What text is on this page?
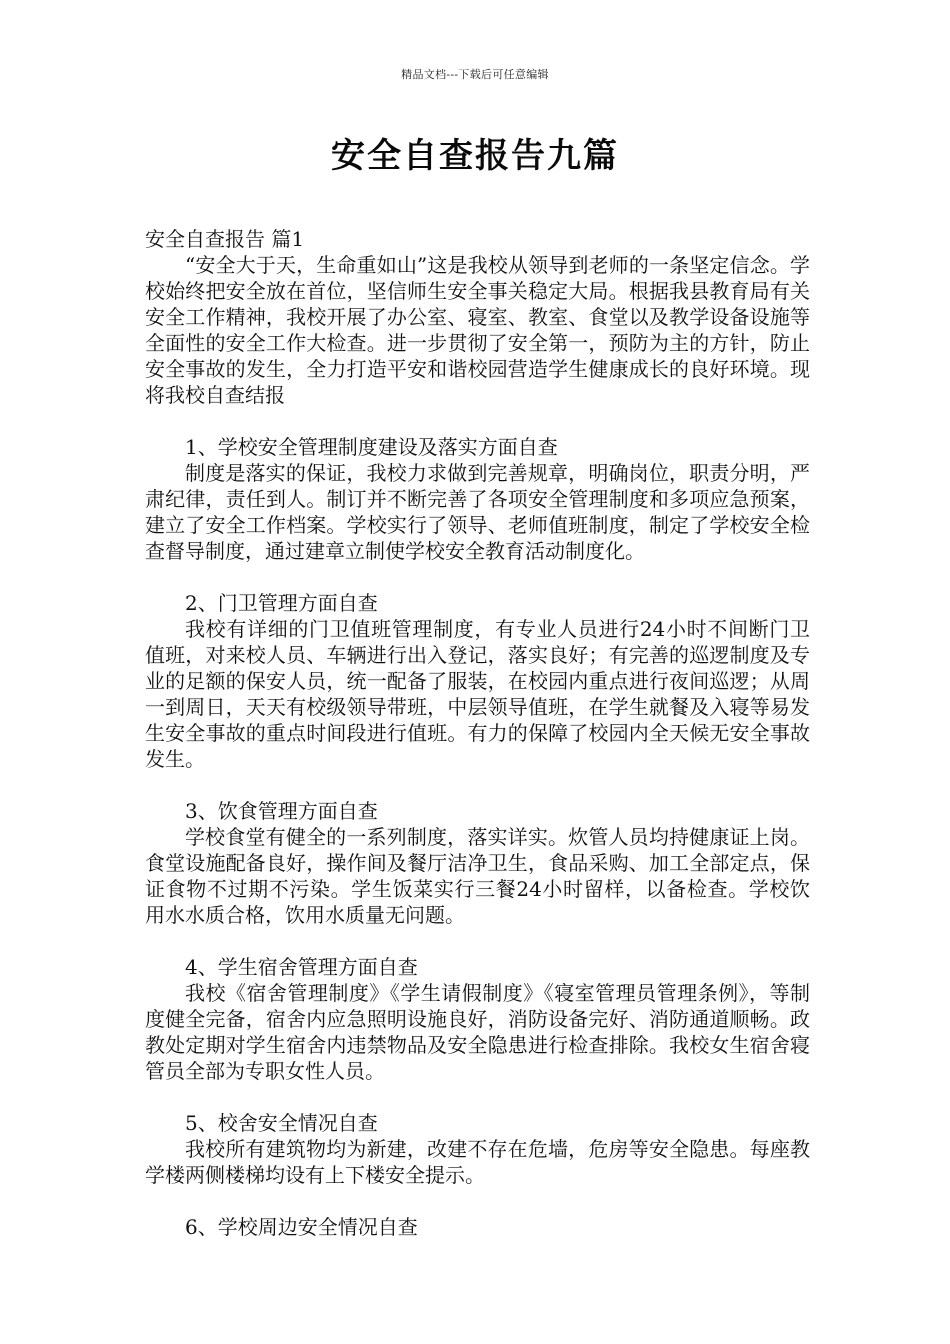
精品文档---下载后可任意编辑
安全自查报告九篇

安全自查报告 篇1

“安全大于天，生命重如山”这是我校从领导到老师的一条坚定信念。学校始终把安全放在首位，坚信师生安全事关稳定大局。根据我县教育局有关安全工作精神，我校开展了办公室、寝室、教室、食堂以及教学设备设施等全面性的安全工作大检查。进一步贯彻了安全第一，预防为主的方针，防止安全事故的发生，全力打造平安和谐校园营造学生健康成长的良好环境。现将我校自查结报

1、学校安全管理制度建设及落实方面自查

制度是落实的保证，我校力求做到完善规章，明确岗位，职责分明，严肃纪律，责任到人。制订并不断完善了各项安全管理制度和多项应急预案，建立了安全工作档案。学校实行了领导、老师值班制度，制定了学校安全检查督导制度，通过建章立制使学校安全教育活动制度化。

2、门卫管理方面自查

我校有详细的门卫值班管理制度，有专业人员进行24小时不间断门卫值班，对来校人员、车辆进行出入登记，落实良好；有完善的巡逻制度及专业的足额的保安人员，统一配备了服装，在校园内重点进行夜间巡逻；从周一到周日，天天有校级领导带班，中层领导值班，在学生就餐及入寝等易发生安全事故的重点时间段进行值班。有力的保障了校园内全天候无安全事故发生。

3、饮食管理方面自查

学校食堂有健全的一系列制度，落实详实。炊管人员均持健康证上岗。食堂设施配备良好，操作间及餐厅洁净卫生，食品采购、加工全部定点，保证食物不过期不污染。学生饭菜实行三餐24小时留样，以备检查。学校饮用水水质合格，饮用水质量无问题。

4、学生宿舍管理方面自查

我校《宿舍管理制度》《学生请假制度》《寝室管理员管理条例》，等制度健全完备，宿舍内应急照明设施良好，消防设备完好、消防通道顺畅。政教处定期对学生宿舍内违禁物品及安全隐患进行检查排除。我校女生宿舍寝管员全部为专职女性人员。

5、校舍安全情况自查

我校所有建筑物均为新建，改建不存在危墙，危房等安全隐患。每座教学楼两侧楼梯均设有上下楼安全提示。

6、学校周边安全情况自查
